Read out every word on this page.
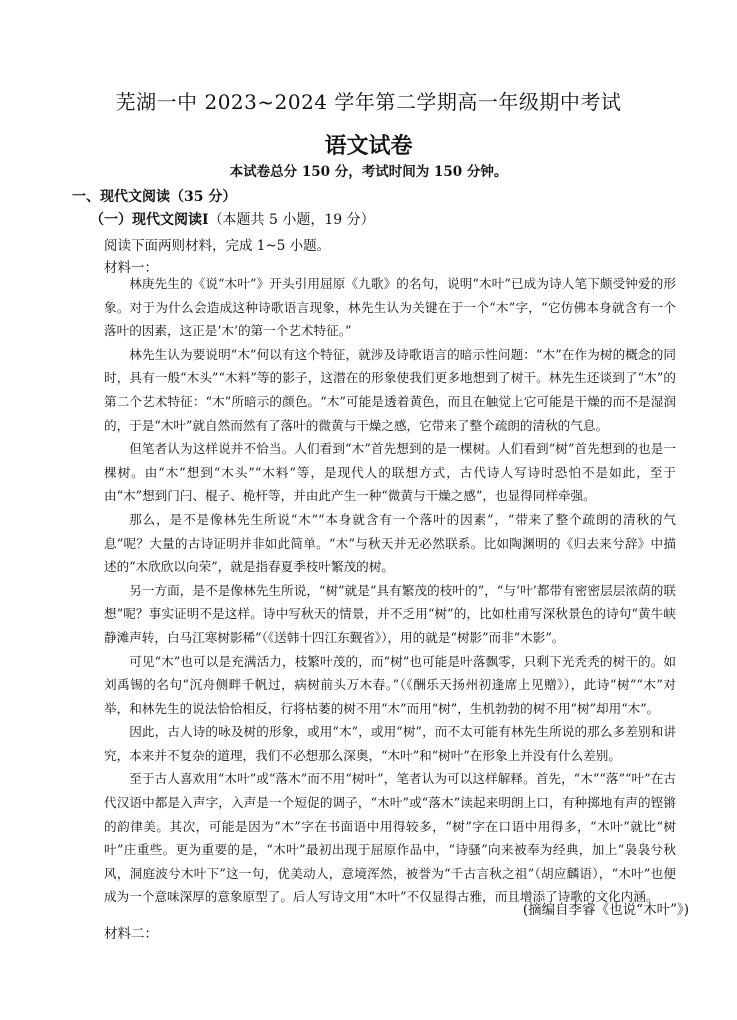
芜湖一中 2023~2024 学年第二学期高一年级期中考试
语文试卷
本试卷总分 150 分，考试时间为 150 分钟。
一、现代文阅读（35 分）
（一）现代文阅读Ⅰ（本题共 5 小题，19 分）
阅读下面两则材料，完成 1~5 小题。
材料一：

林庚先生的《说“木叶”》开头引用屈原《九歌》的名句，说明“木叶”已成为诗人笔下颇受钟爱的形象。对于为什么会造成这种诗歌语言现象，林先生认为关键在于一个“木”字，“它仿佛本身就含有一个落叶的因素，这正是‘木’的第一个艺术特征。”

林先生认为要说明“木”何以有这个特征，就涉及诗歌语言的暗示性问题：“木”在作为树的概念的同时，具有一般“木头”“木料”等的影子，这潜在的形象使我们更多地想到了树干。林先生还谈到了“木”的第二个艺术特征：“木”所暗示的颜色。“木”可能是透着黄色，而且在触觉上它可能是干燥的而不是湿润的，于是“木叶”就自然而然有了落叶的微黄与干燥之感，它带来了整个疏朗的清秋的气息。

但笔者认为这样说并不恰当。人们看到“木”首先想到的是一棵树。人们看到“树”首先想到的也是一棵树。由“木”想到“木头”“木料”等，是现代人的联想方式，古代诗人写诗时恐怕不是如此，至于由“木”想到门闩、棍子、桅杆等，并由此产生一种“微黄与干燥之感”，也显得同样牵强。

那么，是不是像林先生所说“木”“本身就含有一个落叶的因素”，“带来了整个疏朗的清秋的气息”呢？大量的古诗证明并非如此简单。“木”与秋天并无必然联系。比如陶渊明的《归去来兮辞》中描述的“木欣欣以向荣”，就是指春夏季枝叶繁茂的树。

另一方面，是不是像林先生所说，“树”就是“具有繁茂的枝叶的”，“与‘叶’都带有密密层层浓荫的联想”呢？事实证明不是这样。诗中写秋天的情景，并不乏用“树”的，比如杜甫写深秋景色的诗句“黄牛峡静滩声转，白马江寒树影稀”（《送韩十四江东觐省》），用的就是“树影”而非“木影”。

可见“木”也可以是充满活力，枝繁叶茂的，而“树”也可能是叶落飘零，只剩下光秃秃的树干的。如刘禹锡的名句“沉舟侧畔千帆过，病树前头万木春。”（《酬乐天扬州初逢席上见赠》），此诗“树”“木”对举，和林先生的说法恰恰相反，行将枯萎的树不用“木”而用“树”，生机勃勃的树不用“树”却用“木”。

因此，古人诗的咏及树的形象，或用“木”，或用“树”，而不太可能有林先生所说的那么多差别和讲究，本来并不复杂的道理，我们不必想那么深奥，“木叶”和“树叶”在形象上并没有什么差别。

至于古人喜欢用“木叶”或“落木”而不用“树叶”，笔者认为可以这样解释。首先，“木”“落”“叶”在古代汉语中都是入声字，入声是一个短促的调子，“木叶”或“落木”读起来明朗上口，有种掷地有声的铿锵的韵律美。其次，可能是因为“木”字在书面语中用得较多，“树”字在口语中用得多，“木叶”就比“树叶”庄重些。更为重要的是，“木叶”最初出现于屈原作品中，“诗骚”向来被奉为经典，加上“袅袅兮秋风，洞庭波兮木叶下”这一句，优美动人，意境浑然，被誉为“千古言秋之祖”（胡应麟语），“木叶”也便成为一个意味深厚的意象原型了。后人写诗文用“木叶”不仅显得古雅，而且增添了诗歌的文化内涵。

(摘编自李睿《也说“木叶”》)
材料二：
